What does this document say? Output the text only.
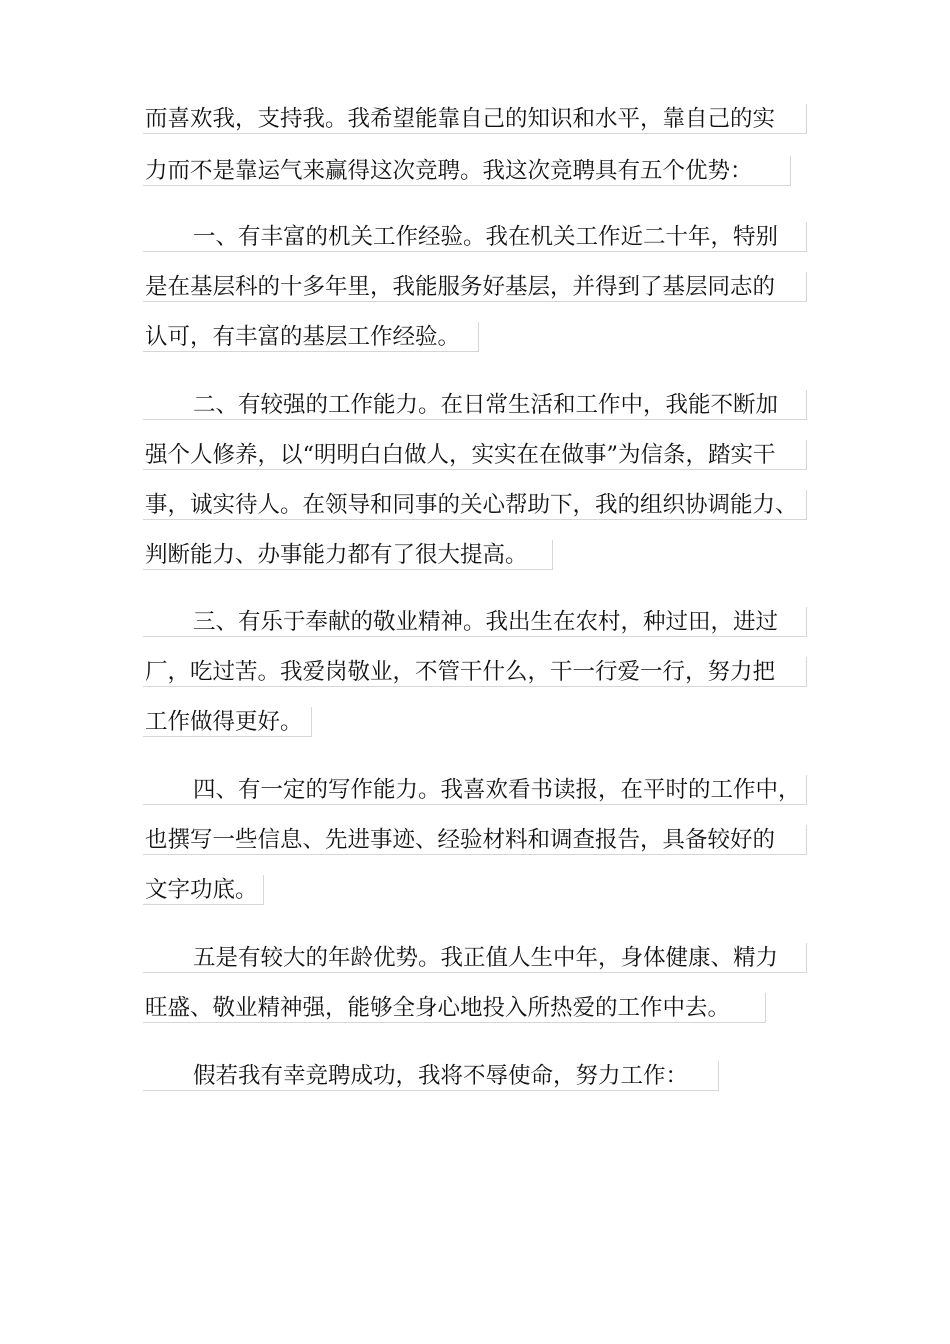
而喜欢我，支持我。我希望能靠自己的知识和水平，靠自己的实
力而不是靠运气来赢得这次竞聘。我这次竞聘具有五个优势：
一、有丰富的机关工作经验。我在机关工作近二十年，特别
是在基层科的十多年里，我能服务好基层，并得到了基层同志的
认可，有丰富的基层工作经验。
二、有较强的工作能力。在日常生活和工作中，我能不断加
强个人修养，以“明明白白做人，实实在在做事”为信条，踏实干
事，诚实待人。在领导和同事的关心帮助下，我的组织协调能力、
判断能力、办事能力都有了很大提高。
三、有乐于奉献的敬业精神。我出生在农村，种过田，进过
厂，吃过苦。我爱岗敬业，不管干什么，干一行爱一行，努力把
工作做得更好。
四、有一定的写作能力。我喜欢看书读报，在平时的工作中，
也撰写一些信息、先进事迹、经验材料和调查报告，具备较好的
文字功底。
五是有较大的年龄优势。我正值人生中年，身体健康、精力
旺盛、敬业精神强，能够全身心地投入所热爱的工作中去。
假若我有幸竞聘成功，我将不辱使命，努力工作：
